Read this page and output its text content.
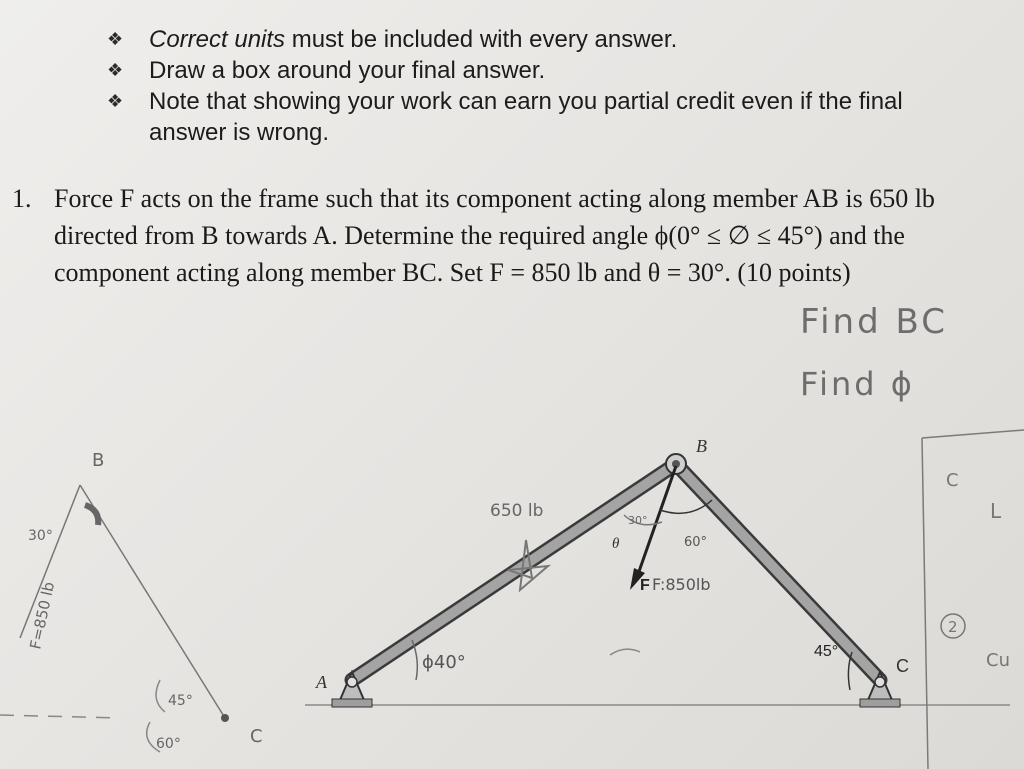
❖ Correct units must be included with every answer.
❖ Draw a box around your final answer.
❖ Note that showing your work can earn you partial credit even if the final
answer is wrong.
1. Force F acts on the frame such that its component acting along member AB is 650 lb
directed from B towards A. Determine the required angle ϕ(0° ≤ ∅ ≤ 45°) and the
component acting along member BC. Set F = 850 lb and θ = 30°. (10 points)
Find BC
Find ϕ
B
A
C
45°
θ
F F:850lb
650 lb
ϕ40°
30°
60°
B
C
30°
F=850 lb
45°
60°
C
L
2
Cu
